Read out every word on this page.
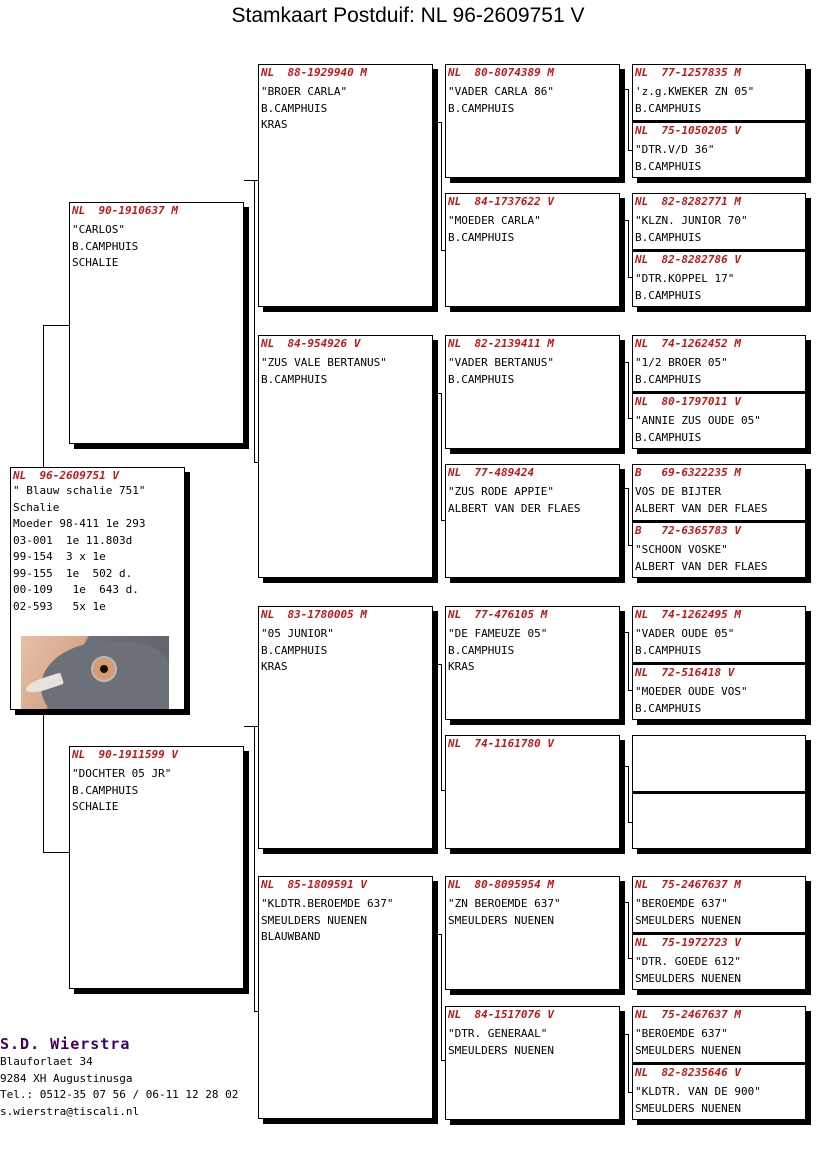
Stamkaart Postduif: NL 96-2609751 V
NL  96-2609751 V
" Blauw schalie 751"
Schalie
Moeder 98-411 1e 293
03-001  1e 11.803d
99-154  3 x 1e
99-155  1e  502 d.
00-109   1e  643 d.
02-593   5x 1e
NL  90-1910637 M
"CARLOS"
B.CAMPHUIS
SCHALIE
NL  90-1911599 V
"DOCHTER 05 JR"
B.CAMPHUIS
SCHALIE
NL  88-1929940 M
"BROER CARLA"
B.CAMPHUIS
KRAS
NL  84-954926 V
"ZUS VALE BERTANUS"
B.CAMPHUIS
NL  83-1780005 M
"05 JUNIOR"
B.CAMPHUIS
KRAS
NL  85-1809591 V
"KLDTR.BEROEMDE 637"
SMEULDERS NUENEN
BLAUWBAND
NL  80-8074389 M
"VADER CARLA 86"
B.CAMPHUIS
NL  84-1737622 V
"MOEDER CARLA"
B.CAMPHUIS
NL  82-2139411 M
"VADER BERTANUS"
B.CAMPHUIS
NL  77-489424
"ZUS RODE APPIE"
ALBERT VAN DER FLAES
NL  77-476105 M
"DE FAMEUZE 05"
B.CAMPHUIS
KRAS
NL  74-1161780 V
NL  80-8095954 M
"ZN BEROEMDE 637"
SMEULDERS NUENEN
NL  84-1517076 V
"DTR. GENERAAL"
SMEULDERS NUENEN
NL  77-1257835 M
'z.g.KWEKER ZN 05"
B.CAMPHUIS
NL  75-1050205 V
"DTR.V/D 36"
B.CAMPHUIS
NL  82-8282771 M
"KLZN. JUNIOR 70"
B.CAMPHUIS
NL  82-8282786 V
"DTR.KOPPEL 17"
B.CAMPHUIS
NL  74-1262452 M
"1/2 BROER 05"
B.CAMPHUIS
NL  80-1797011 V
"ANNIE ZUS OUDE 05"
B.CAMPHUIS
B   69-6322235 M
VOS DE BIJTER
ALBERT VAN DER FLAES
B   72-6365783 V
"SCHOON VOSKE"
ALBERT VAN DER FLAES
NL  74-1262495 M
"VADER OUDE 05"
B.CAMPHUIS
NL  72-516418 V
"MOEDER OUDE VOS"
B.CAMPHUIS
NL  75-2467637 M
"BEROEMDE 637"
SMEULDERS NUENEN
NL  75-1972723 V
"DTR. GOEDE 612"
SMEULDERS NUENEN
NL  75-2467637 M
"BEROEMDE 637"
SMEULDERS NUENEN
NL  82-8235646 V
"KLDTR. VAN DE 900"
SMEULDERS NUENEN
S.D. Wierstra
Blauforlaet 34
9284 XH Augustinusga
Tel.: 0512-35 07 56 / 06-11 12 28 02
s.wierstra@tiscali.nl
